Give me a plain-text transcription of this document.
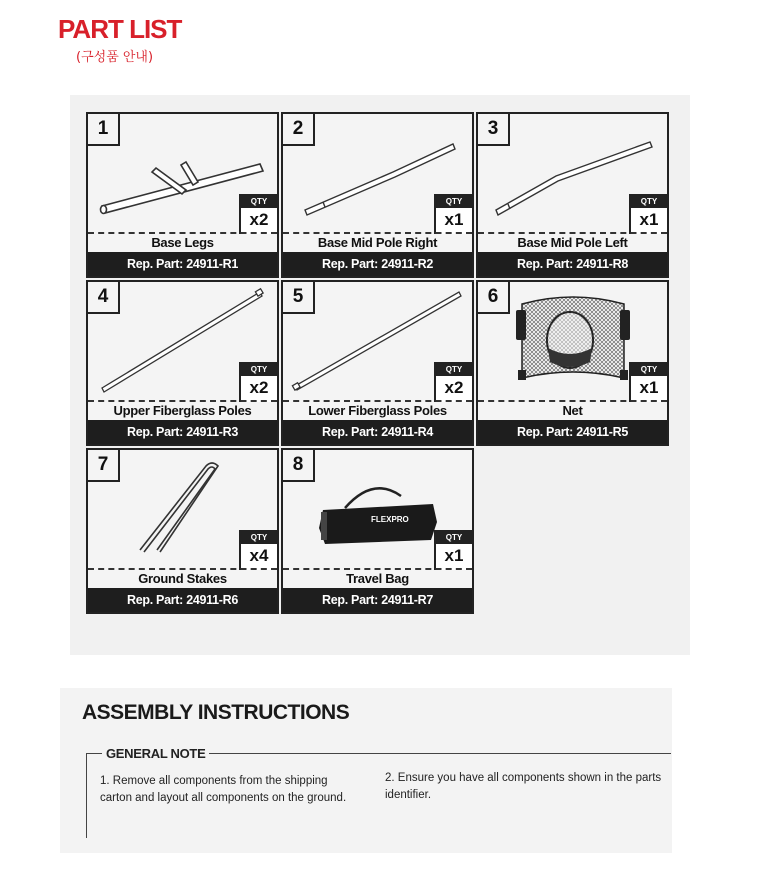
PART LIST
(구성품 안내)
1
QTY
x2
Base Legs
Rep. Part: 24911-R1
2
QTY
x1
Base Mid Pole Right
Rep. Part: 24911-R2
3
QTY
x1
Base Mid Pole Left
Rep. Part: 24911-R8
4
QTY
x2
Upper Fiberglass Poles
Rep. Part: 24911-R3
5
QTY
x2
Lower Fiberglass Poles
Rep. Part: 24911-R4
6
QTY
x1
Net
Rep. Part: 24911-R5
7
QTY
x4
Ground Stakes
Rep. Part: 24911-R6
FLEXPRO
8
QTY
x1
Travel Bag
Rep. Part: 24911-R7
ASSEMBLY INSTRUCTIONS
GENERAL NOTE
1. Remove all components from the shipping carton and layout all components on the ground.
2. Ensure you have all components shown in the parts identifier.
